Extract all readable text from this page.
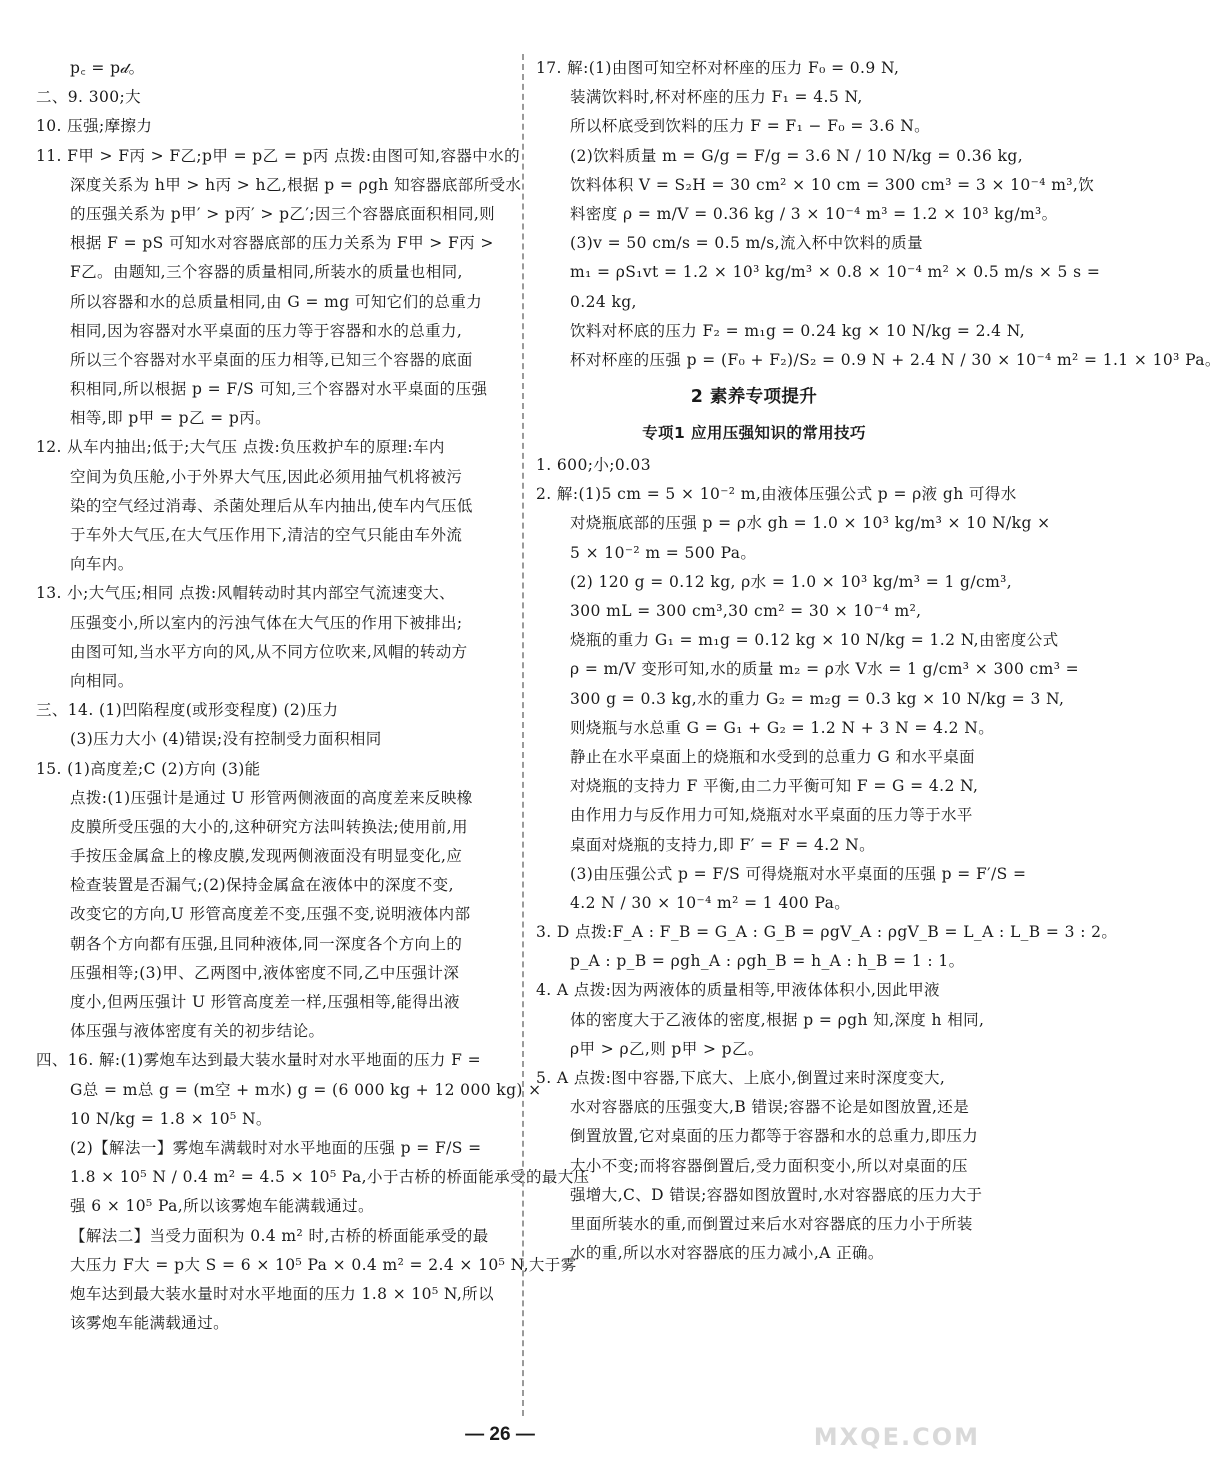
p꜀ = p𝒹。
二、9. 300;大
10. 压强;摩擦力
11. F甲 > F丙 > F乙;p甲 = p乙 = p丙 点拨:由图可知,容器中水的
深度关系为 h甲 > h丙 > h乙,根据 p = ρgh 知容器底部所受水
的压强关系为 p甲′ > p丙′ > p乙′;因三个容器底面积相同,则
根据 F = pS 可知水对容器底部的压力关系为 F甲 > F丙 >
F乙。由题知,三个容器的质量相同,所装水的质量也相同,
所以容器和水的总质量相同,由 G = mg 可知它们的总重力
相同,因为容器对水平桌面的压力等于容器和水的总重力,
所以三个容器对水平桌面的压力相等,已知三个容器的底面
积相同,所以根据 p = F/S 可知,三个容器对水平桌面的压强
相等,即 p甲 = p乙 = p丙。
12. 从车内抽出;低于;大气压 点拨:负压救护车的原理:车内
空间为负压舱,小于外界大气压,因此必须用抽气机将被污
染的空气经过消毒、杀菌处理后从车内抽出,使车内气压低
于车外大气压,在大气压作用下,清洁的空气只能由车外流
向车内。
13. 小;大气压;相同 点拨:风帽转动时其内部空气流速变大、
压强变小,所以室内的污浊气体在大气压的作用下被排出;
由图可知,当水平方向的风,从不同方位吹来,风帽的转动方
向相同。
三、14. (1)凹陷程度(或形变程度) (2)压力
(3)压力大小 (4)错误;没有控制受力面积相同
15. (1)高度差;C (2)方向 (3)能
点拨:(1)压强计是通过 U 形管两侧液面的高度差来反映橡
皮膜所受压强的大小的,这种研究方法叫转换法;使用前,用
手按压金属盒上的橡皮膜,发现两侧液面没有明显变化,应
检查装置是否漏气;(2)保持金属盒在液体中的深度不变,
改变它的方向,U 形管高度差不变,压强不变,说明液体内部
朝各个方向都有压强,且同种液体,同一深度各个方向上的
压强相等;(3)甲、乙两图中,液体密度不同,乙中压强计深
度小,但两压强计 U 形管高度差一样,压强相等,能得出液
体压强与液体密度有关的初步结论。
四、16. 解:(1)雾炮车达到最大装水量时对水平地面的压力 F =
G总 = m总 g = (m空 + m水) g = (6 000 kg + 12 000 kg) ×
10 N/kg = 1.8 × 10⁵ N。
(2)【解法一】雾炮车满载时对水平地面的压强 p = F/S =
1.8 × 10⁵ N / 0.4 m² = 4.5 × 10⁵ Pa,小于古桥的桥面能承受的最大压
强 6 × 10⁵ Pa,所以该雾炮车能满载通过。
【解法二】当受力面积为 0.4 m² 时,古桥的桥面能承受的最
大压力 F大 = p大 S = 6 × 10⁵ Pa × 0.4 m² = 2.4 × 10⁵ N,大于雾
炮车达到最大装水量时对水平地面的压力 1.8 × 10⁵ N,所以
该雾炮车能满载通过。
17. 解:(1)由图可知空杯对杯座的压力 F₀ = 0.9 N,
装满饮料时,杯对杯座的压力 F₁ = 4.5 N,
所以杯底受到饮料的压力 F = F₁ − F₀ = 3.6 N。
(2)饮料质量 m = G/g = F/g = 3.6 N / 10 N/kg = 0.36 kg,
饮料体积 V = S₂H = 30 cm² × 10 cm = 300 cm³ = 3 × 10⁻⁴ m³,饮
料密度 ρ = m/V = 0.36 kg / 3 × 10⁻⁴ m³ = 1.2 × 10³ kg/m³。
(3)v = 50 cm/s = 0.5 m/s,流入杯中饮料的质量
m₁ = ρS₁vt = 1.2 × 10³ kg/m³ × 0.8 × 10⁻⁴ m² × 0.5 m/s × 5 s =
0.24 kg,
饮料对杯底的压力 F₂ = m₁g = 0.24 kg × 10 N/kg = 2.4 N,
杯对杯座的压强 p = (F₀ + F₂)/S₂ = 0.9 N + 2.4 N / 30 × 10⁻⁴ m² = 1.1 × 10³ Pa。
2 素养专项提升
专项1 应用压强知识的常用技巧
1. 600;小;0.03
2. 解:(1)5 cm = 5 × 10⁻² m,由液体压强公式 p = ρ液 gh 可得水
对烧瓶底部的压强 p = ρ水 gh = 1.0 × 10³ kg/m³ × 10 N/kg ×
5 × 10⁻² m = 500 Pa。
(2) 120 g = 0.12 kg, ρ水 = 1.0 × 10³ kg/m³ = 1 g/cm³,
300 mL = 300 cm³,30 cm² = 30 × 10⁻⁴ m²,
烧瓶的重力 G₁ = m₁g = 0.12 kg × 10 N/kg = 1.2 N,由密度公式
ρ = m/V 变形可知,水的质量 m₂ = ρ水 V水 = 1 g/cm³ × 300 cm³ =
300 g = 0.3 kg,水的重力 G₂ = m₂g = 0.3 kg × 10 N/kg = 3 N,
则烧瓶与水总重 G = G₁ + G₂ = 1.2 N + 3 N = 4.2 N。
静止在水平桌面上的烧瓶和水受到的总重力 G 和水平桌面
对烧瓶的支持力 F 平衡,由二力平衡可知 F = G = 4.2 N,
由作用力与反作用力可知,烧瓶对水平桌面的压力等于水平
桌面对烧瓶的支持力,即 F′ = F = 4.2 N。
(3)由压强公式 p = F/S 可得烧瓶对水平桌面的压强 p = F′/S =
4.2 N / 30 × 10⁻⁴ m² = 1 400 Pa。
3. D 点拨:F_A : F_B = G_A : G_B = ρgV_A : ρgV_B = L_A : L_B = 3 : 2。
p_A : p_B = ρgh_A : ρgh_B = h_A : h_B = 1 : 1。
4. A 点拨:因为两液体的质量相等,甲液体体积小,因此甲液
体的密度大于乙液体的密度,根据 p = ρgh 知,深度 h 相同,
ρ甲 > ρ乙,则 p甲 > p乙。
5. A 点拨:图中容器,下底大、上底小,倒置过来时深度变大,
水对容器底的压强变大,B 错误;容器不论是如图放置,还是
倒置放置,它对桌面的压力都等于容器和水的总重力,即压力
大小不变;而将容器倒置后,受力面积变小,所以对桌面的压
强增大,C、D 错误;容器如图放置时,水对容器底的压力大于
里面所装水的重,而倒置过来后水对容器底的压力小于所装
水的重,所以水对容器底的压力减小,A 正确。
— 26 —	MXQE.COM
